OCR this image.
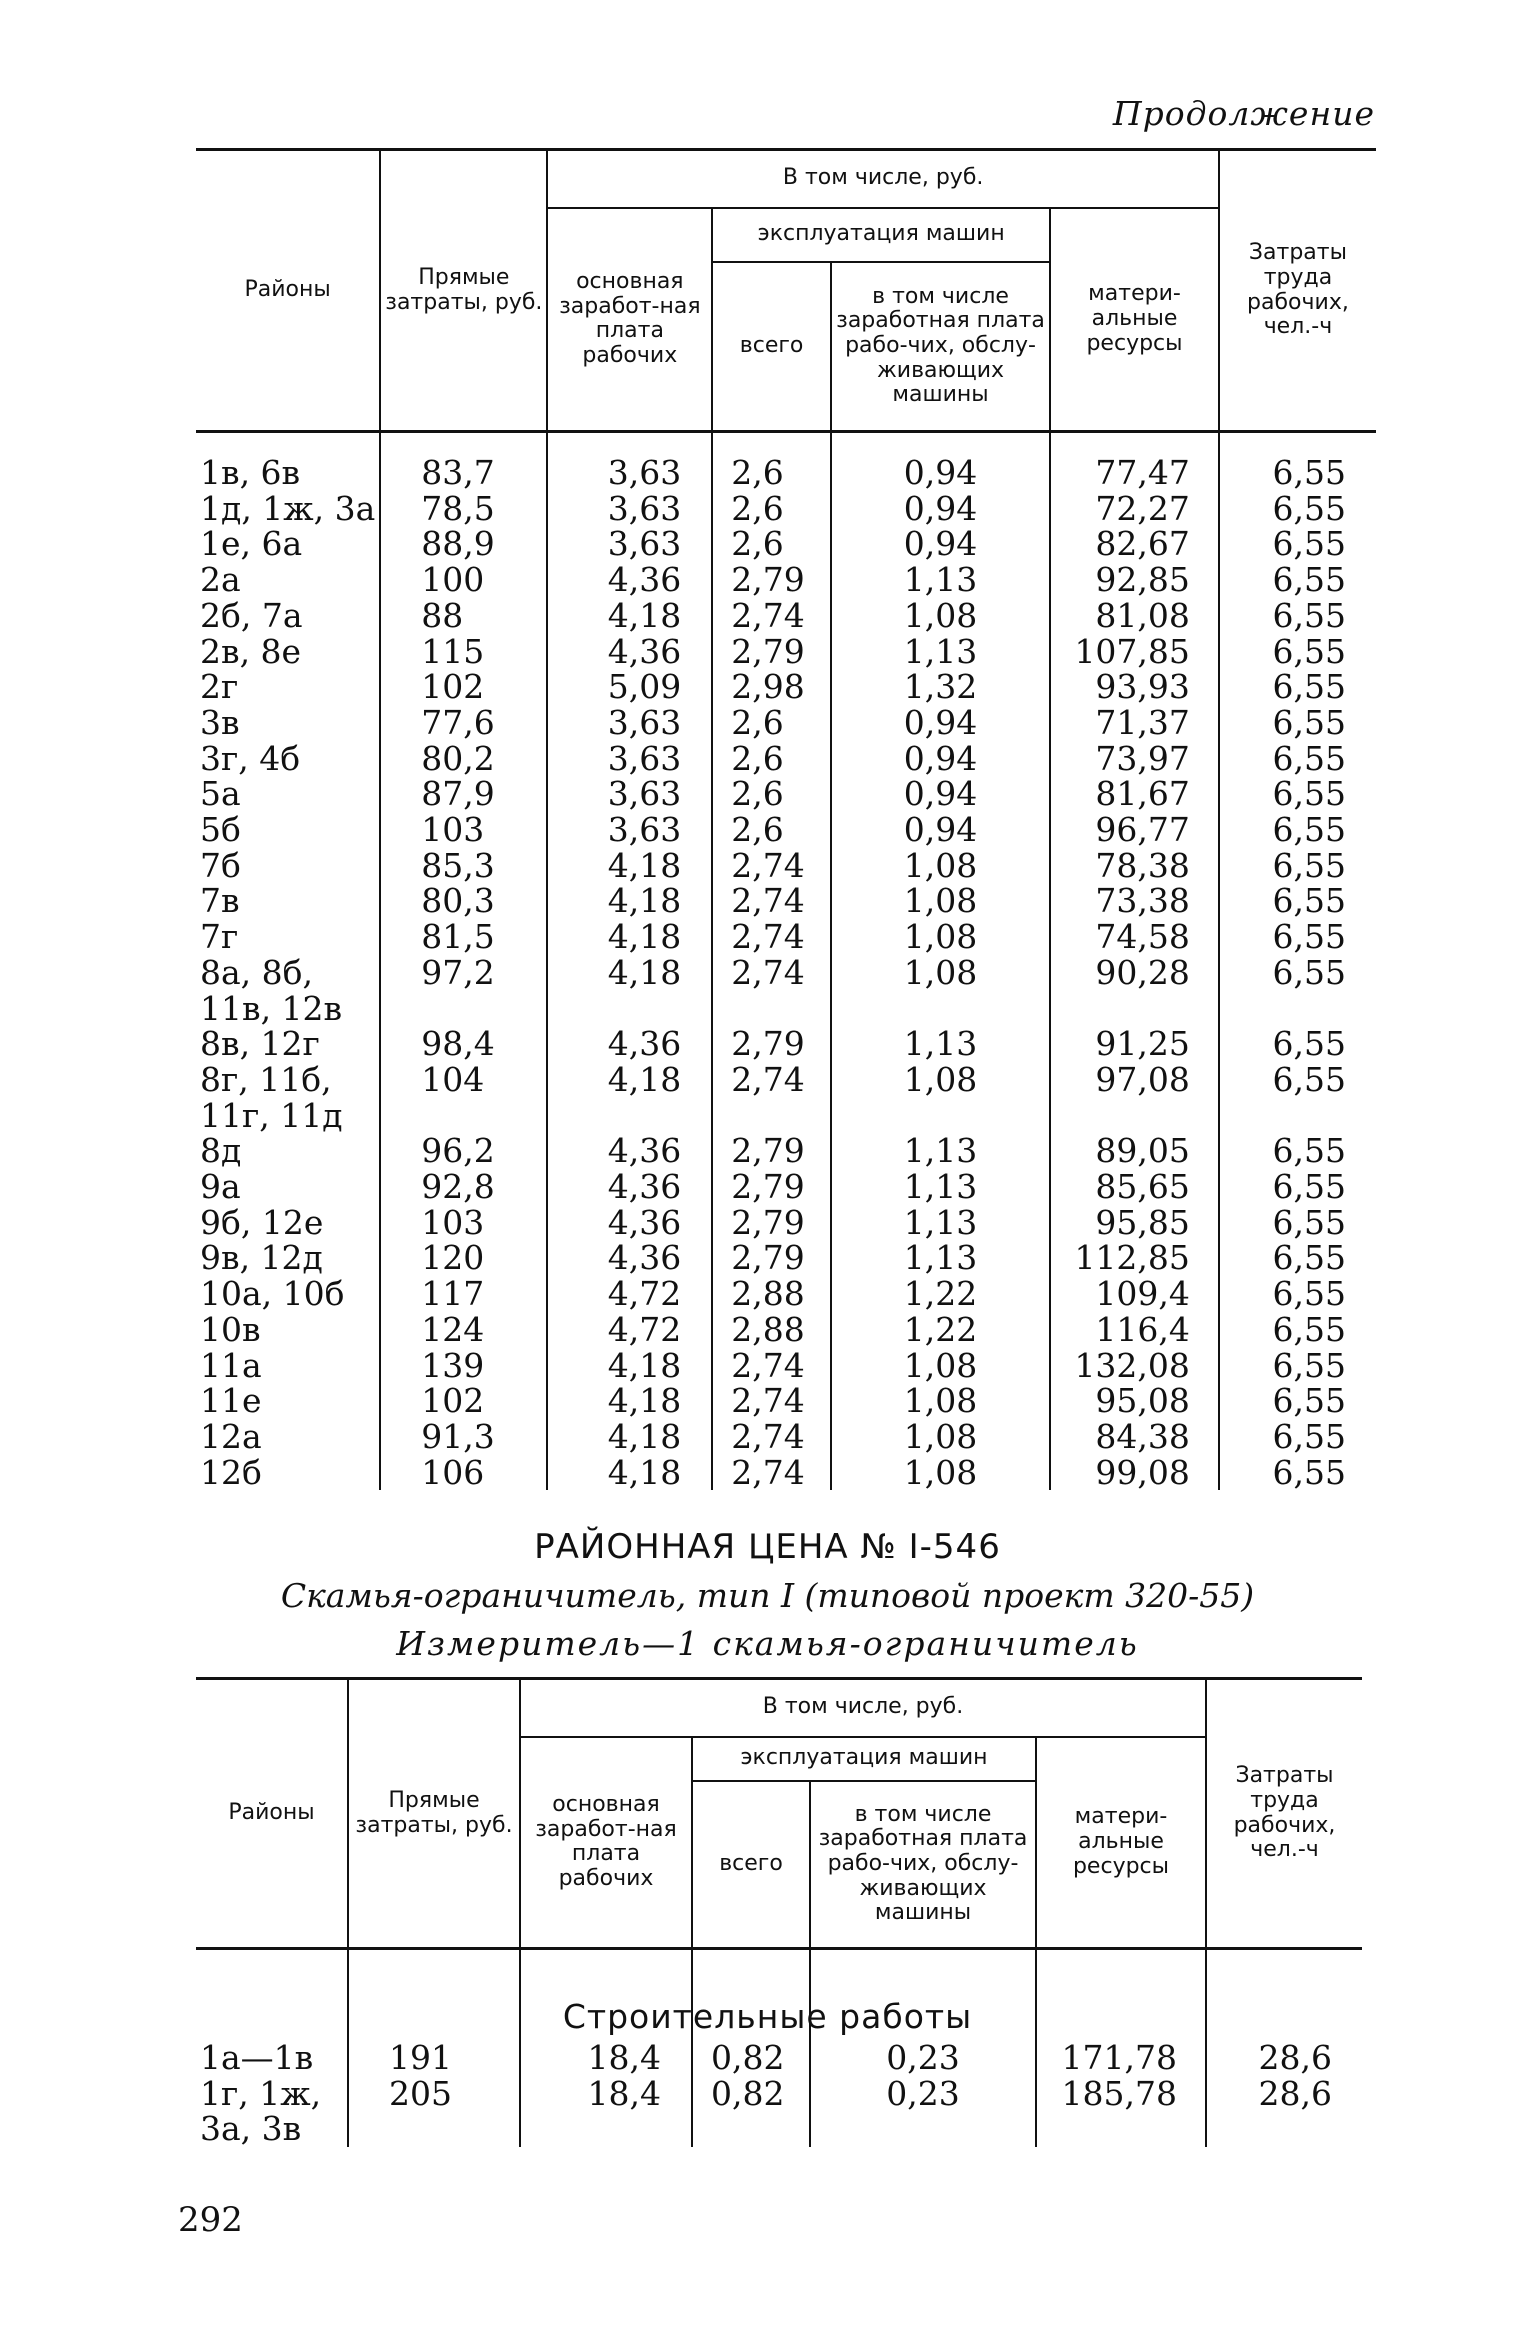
Продолжение
Районы	Прямые затраты, руб.	В том числе, руб.				Затраты труда рабочих, чел.-ч
		основная заработ-ная плата рабочих	эксплуатация машин		матери-альные ресурсы	
			всего	в том числе заработная плата рабо-чих, обслу-живающих машины		
1в, 6в	83,7	3,63	2,6	0,94	77,47	6,55
1д, 1ж, 3а	78,5	3,63	2,6	0,94	72,27	6,55
1е, 6а	88,9	3,63	2,6	0,94	82,67	6,55
2а	100	4,36	2,79	1,13	92,85	6,55
2б, 7а	88	4,18	2,74	1,08	81,08	6,55
2в, 8е	115	4,36	2,79	1,13	107,85	6,55
2г	102	5,09	2,98	1,32	93,93	6,55
3в	77,6	3,63	2,6	0,94	71,37	6,55
3г, 4б	80,2	3,63	2,6	0,94	73,97	6,55
5а	87,9	3,63	2,6	0,94	81,67	6,55
5б	103	3,63	2,6	0,94	96,77	6,55
7б	85,3	4,18	2,74	1,08	78,38	6,55
7в	80,3	4,18	2,74	1,08	73,38	6,55
7г	81,5	4,18	2,74	1,08	74,58	6,55
8а, 8б,	97,2	4,18	2,74	1,08	90,28	6,55
11в, 12в						
8в, 12г	98,4	4,36	2,79	1,13	91,25	6,55
8г, 11б,	104	4,18	2,74	1,08	97,08	6,55
11г, 11д						
8д	96,2	4,36	2,79	1,13	89,05	6,55
9а	92,8	4,36	2,79	1,13	85,65	6,55
9б, 12е	103	4,36	2,79	1,13	95,85	6,55
9в, 12д	120	4,36	2,79	1,13	112,85	6,55
10а, 10б	117	4,72	2,88	1,22	109,4	6,55
10в	124	4,72	2,88	1,22	116,4	6,55
11а	139	4,18	2,74	1,08	132,08	6,55
11е	102	4,18	2,74	1,08	95,08	6,55
12а	91,3	4,18	2,74	1,08	84,38	6,55
12б	106	4,18	2,74	1,08	99,08	6,55
РАЙОННАЯ ЦЕНА № I-546
Скамья-ограничитель, тип I (типовой проект 320-55)
Измеритель—1 скамья-ограничитель
Районы	Прямые затраты, руб.	В том числе, руб.				Затраты труда рабочих, чел.-ч
		основная заработ-ная плата рабочих	эксплуатация машин		матери-альные ресурсы	
			всего	в том числе заработная плата рабо-чих, обслу-живающих машины		
1а—1в	191	18,4	0,82	0,23	171,78	28,6
1г, 1ж,	205	18,4	0,82	0,23	185,78	28,6
3а, 3в						
Строительные работы
292
